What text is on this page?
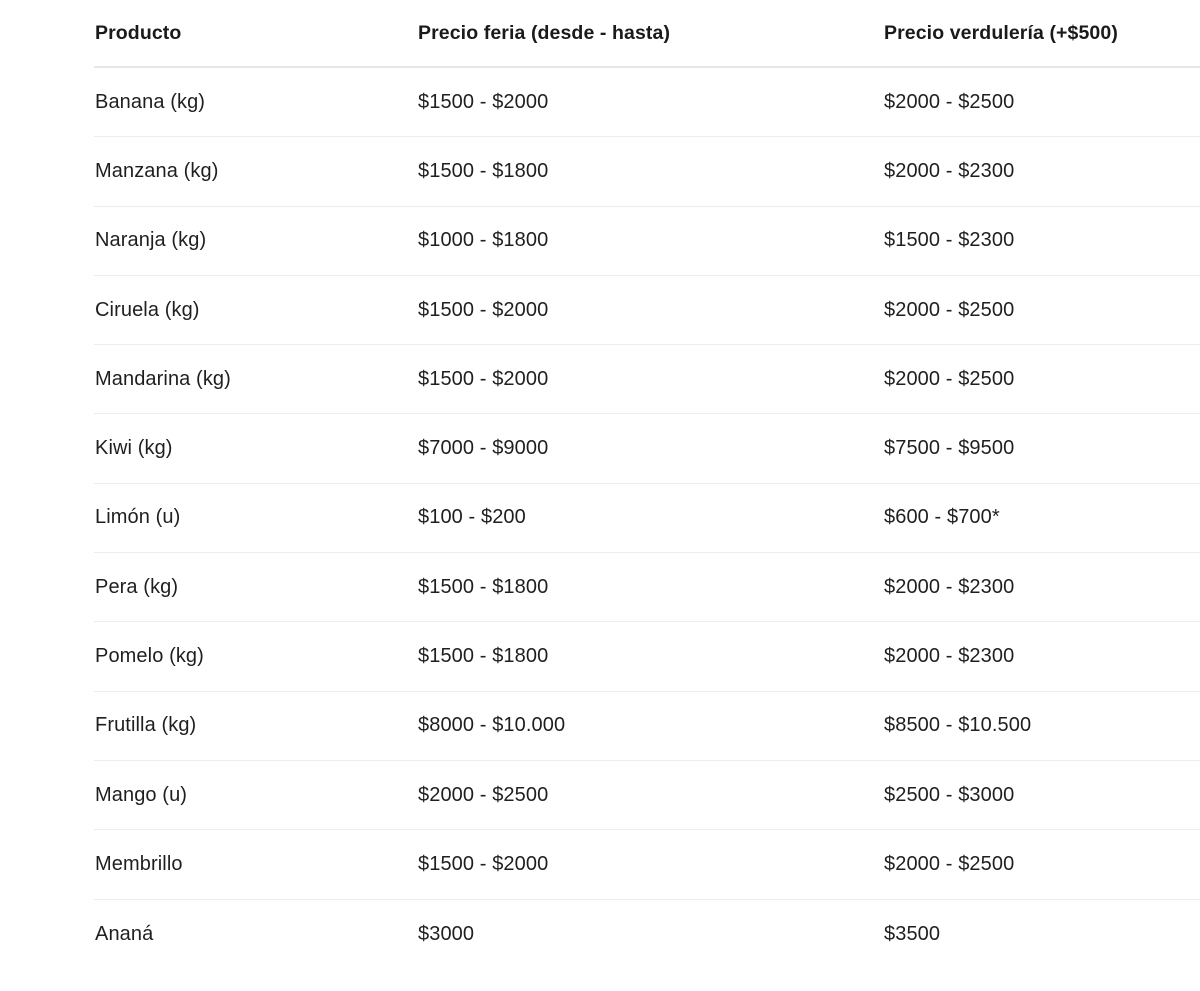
Producto	Precio feria (desde - hasta)	Precio verdulería (+$500)
Banana (kg)	$1500 - $2000	$2000 - $2500
Manzana (kg)	$1500 - $1800	$2000 - $2300
Naranja (kg)	$1000 - $1800	$1500 - $2300
Ciruela (kg)	$1500 - $2000	$2000 - $2500
Mandarina (kg)	$1500 - $2000	$2000 - $2500
Kiwi (kg)	$7000 - $9000	$7500 - $9500
Limón (u)	$100 - $200	$600 - $700*
Pera (kg)	$1500 - $1800	$2000 - $2300
Pomelo (kg)	$1500 - $1800	$2000 - $2300
Frutilla (kg)	$8000 - $10.000	$8500 - $10.500
Mango (u)	$2000 - $2500	$2500 - $3000
Membrillo	$1500 - $2000	$2000 - $2500
Ananá	$3000	$3500
